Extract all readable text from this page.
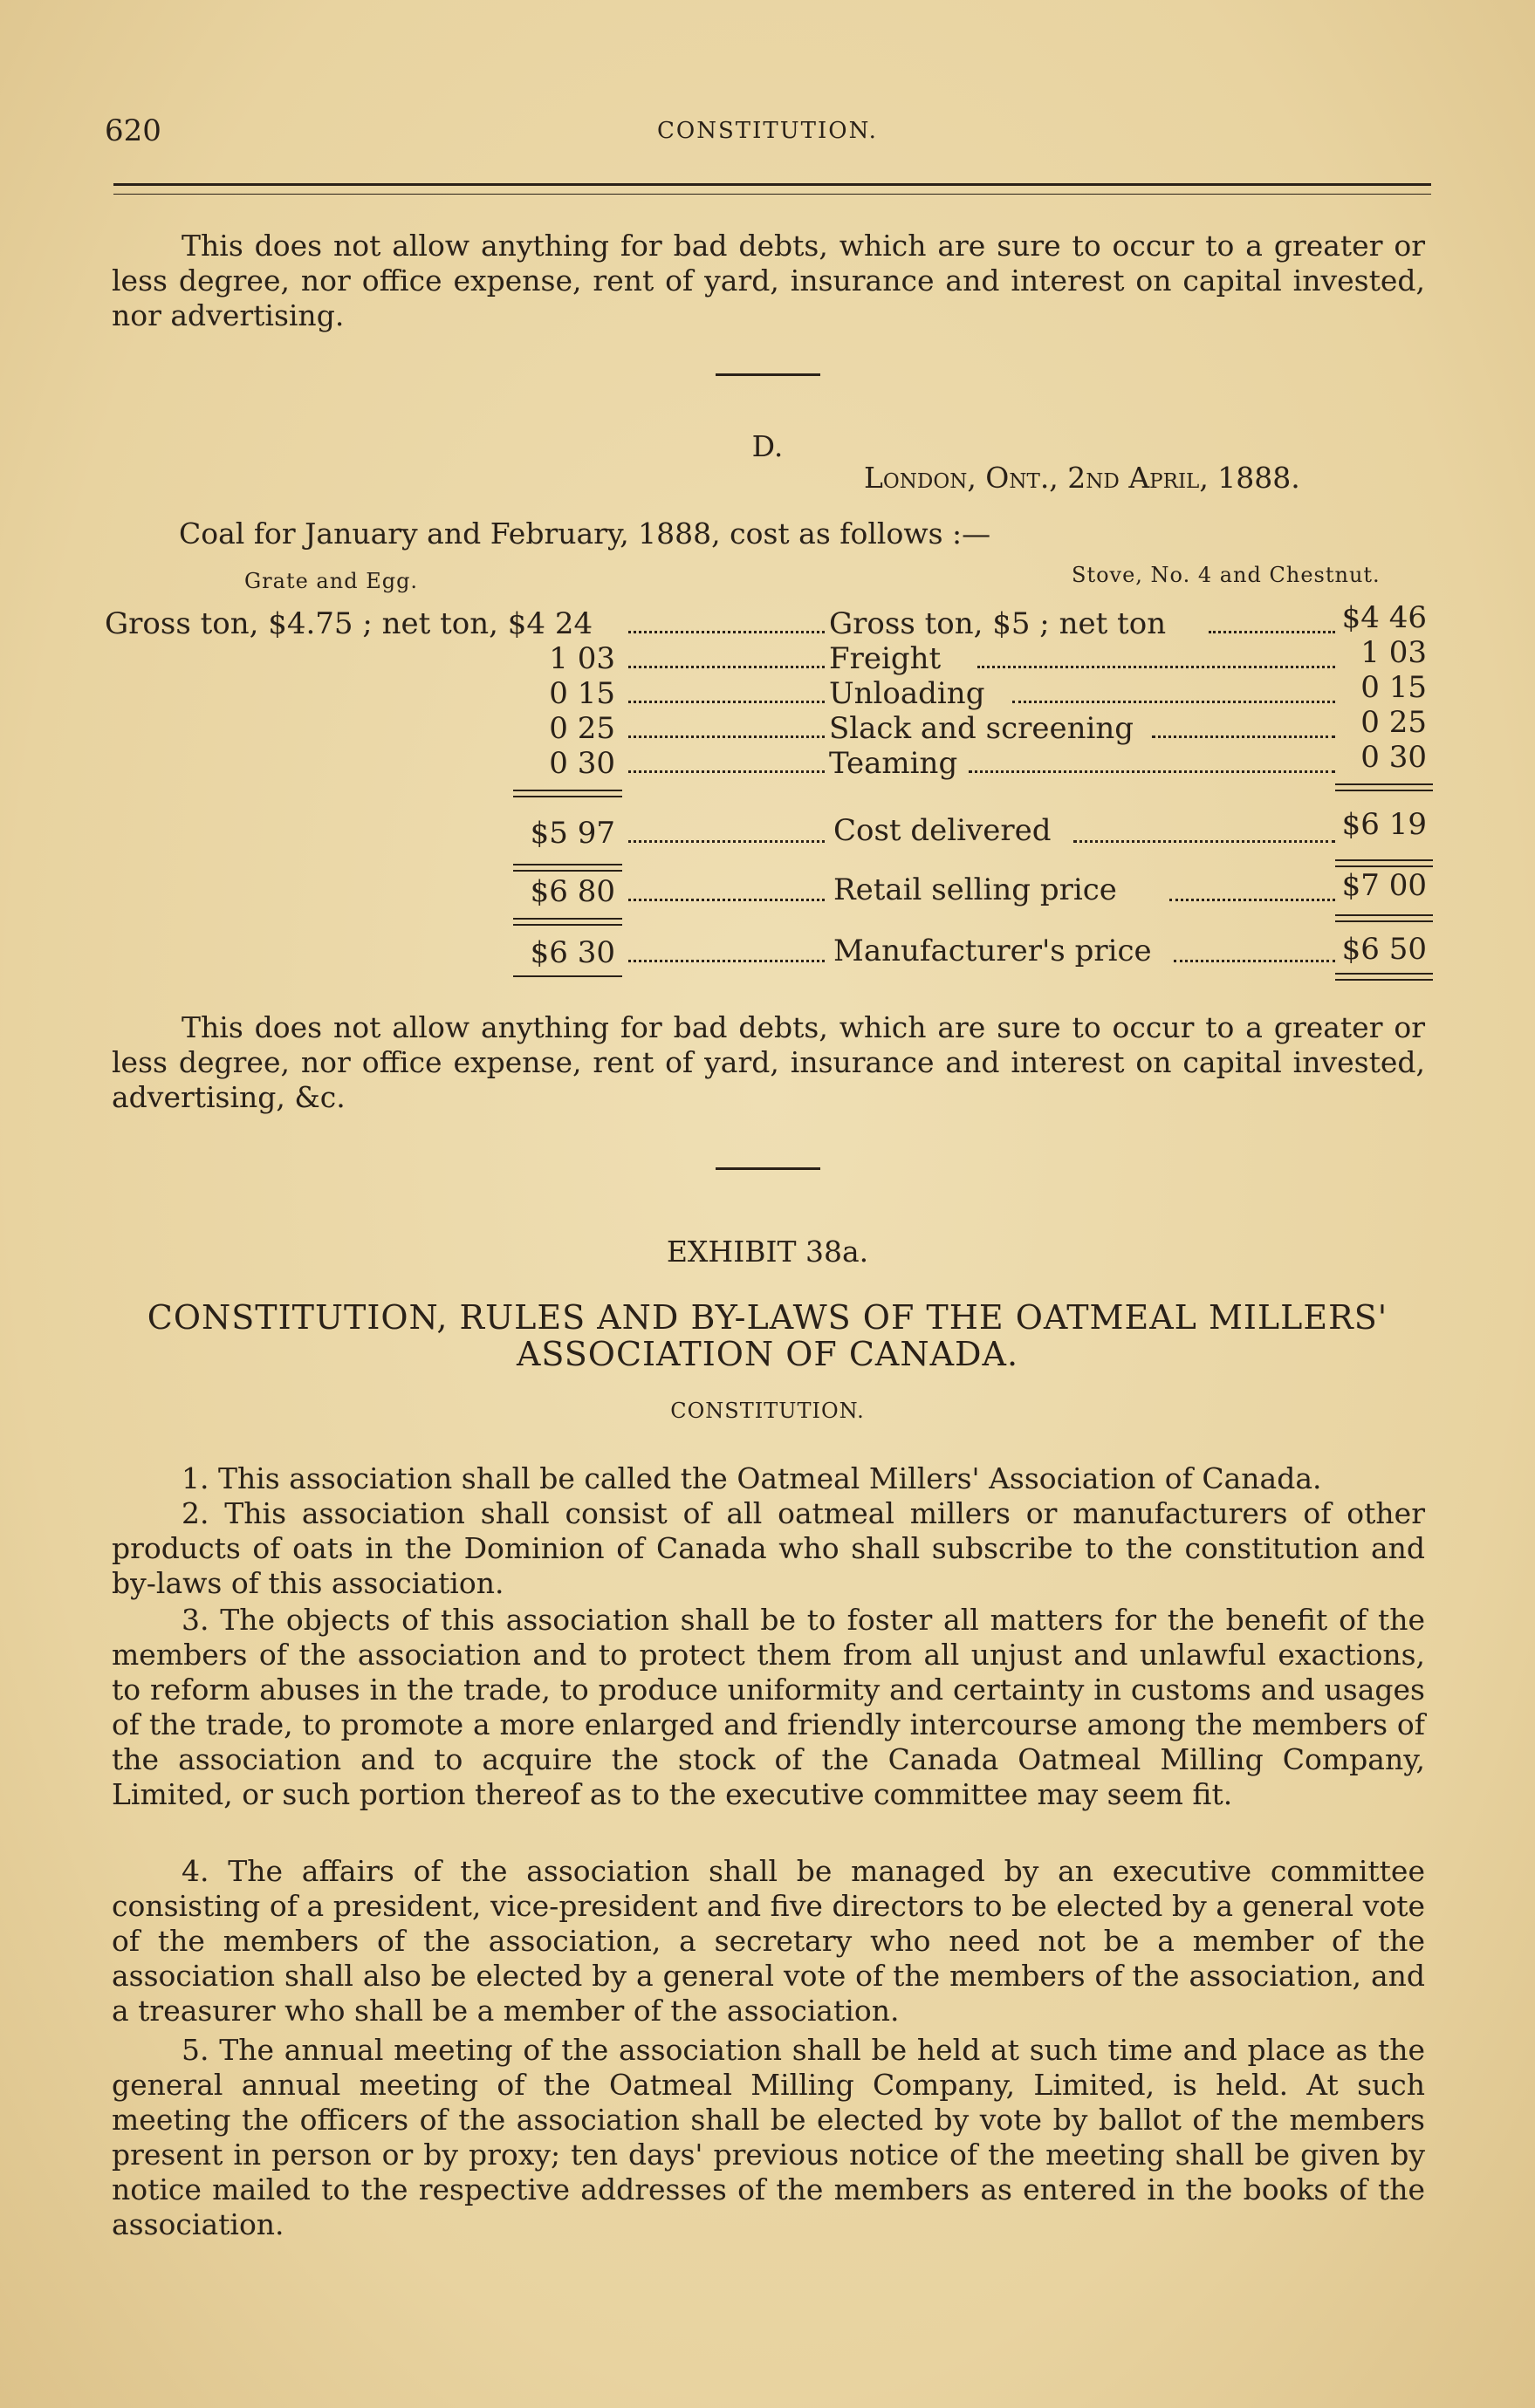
620	CONSTITUTION.
This does not allow anything for bad debts, which are sure to occur to a greater or less degree, nor office expense, rent of yard, insurance and interest on capital invested, nor advertising.
D.
London, Ont., 2nd April, 1888.
Coal for January and February, 1888, cost as follows :—
Grate and Egg.	Stove, No. 4 and Chestnut.
Gross ton, $4.75 ; net ton, $4 24	Gross ton, $5 ; net ton	$4 46
1 03	Freight	1 03
0 15	Unloading	0 15
0 25	Slack and screening	0 25
0 30	Teaming	0 30
$5 97	Cost delivered	$6 19
$6 80	Retail selling price	$7 00
$6 30	Manufacturer's price	$6 50
This does not allow anything for bad debts, which are sure to occur to a greater or less degree, nor office expense, rent of yard, insurance and interest on capital invested, advertising, &c.
EXHIBIT 38a.
CONSTITUTION, RULES AND BY-LAWS OF THE OATMEAL MILLERS'
ASSOCIATION OF CANADA.
CONSTITUTION.
1. This association shall be called the Oatmeal Millers' Association of Canada.
2. This association shall consist of all oatmeal millers or manufacturers of other products of oats in the Dominion of Canada who shall subscribe to the constitution and by-laws of this association.
3. The objects of this association shall be to foster all matters for the benefit of the members of the association and to protect them from all unjust and unlawful exactions, to reform abuses in the trade, to produce uniformity and certainty in customs and usages of the trade, to promote a more enlarged and friendly intercourse among the members of the association and to acquire the stock of the Canada Oatmeal Milling Company, Limited, or such portion thereof as to the executive committee may seem fit.
4. The affairs of the association shall be managed by an executive committee consisting of a president, vice-president and five directors to be elected by a general vote of the members of the association, a secretary who need not be a member of the association shall also be elected by a general vote of the members of the association, and a treasurer who shall be a member of the association.
5. The annual meeting of the association shall be held at such time and place as the general annual meeting of the Oatmeal Milling Company, Limited, is held. At such meeting the officers of the association shall be elected by vote by ballot of the members present in person or by proxy; ten days' previous notice of the meeting shall be given by notice mailed to the respective addresses of the members as entered in the books of the association.
